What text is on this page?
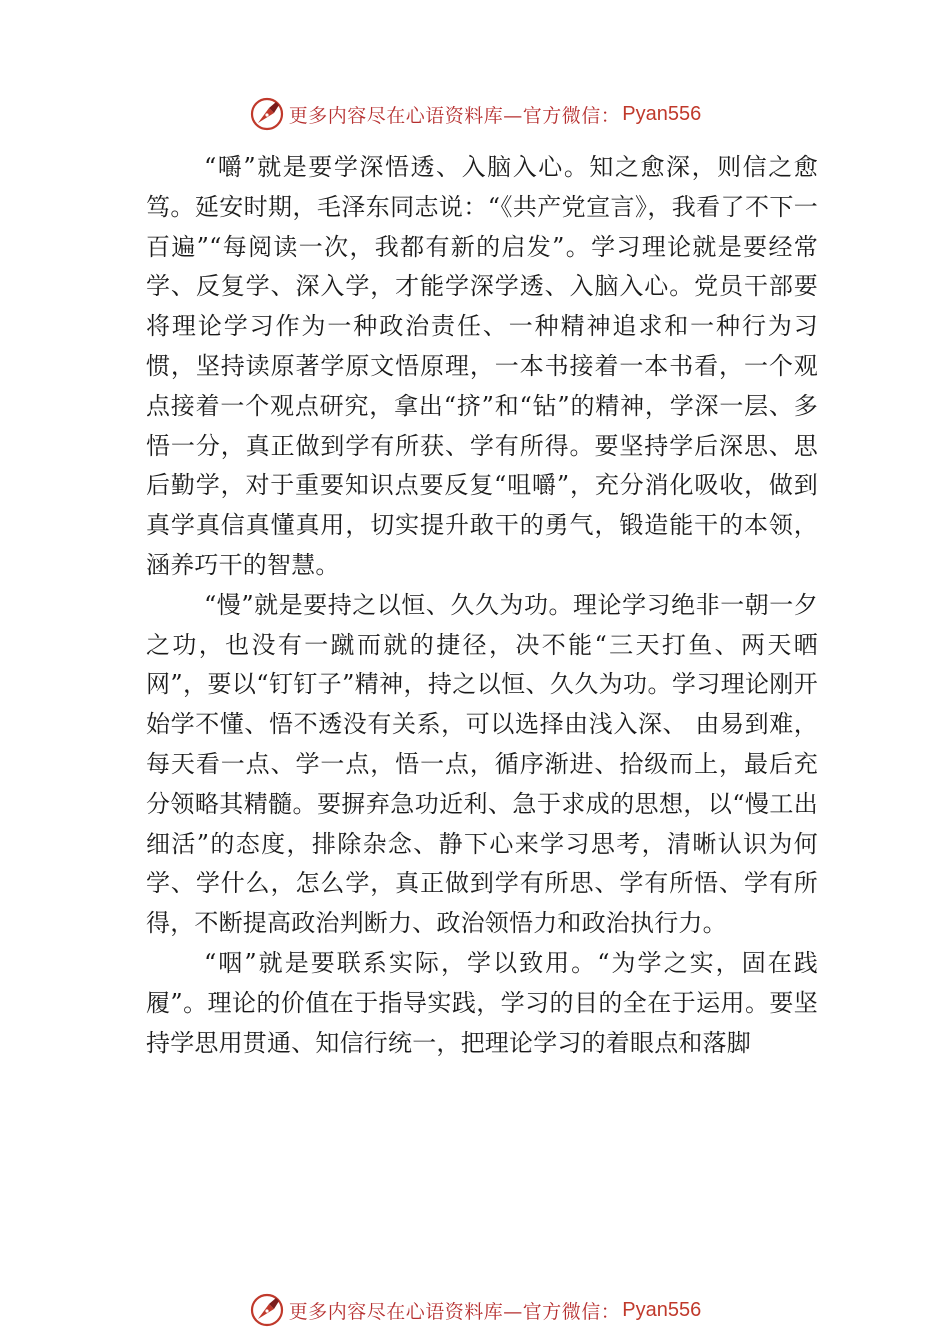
更多内容尽在心语资料库—官方微信： Pyan556

“嚼”就是要学深悟透、入脑入心。知之愈深，则信之愈笃。延安时期，毛泽东同志说：“《共产党宣言》，我看了不下一百遍”“每阅读一次，我都有新的启发”。学习理论就是要经常学、反复学、深入学，才能学深学透、入脑入心。党员干部要将理论学习作为一种政治责任、一种精神追求和一种行为习惯，坚持读原著学原文悟原理，一本书接着一本书看，一个观点接着一个观点研究，拿出“挤”和“钻”的精神，学深一层、多悟一分，真正做到学有所获、学有所得。要坚持学后深思、思后勤学，对于重要知识点要反复“咀嚼”，充分消化吸收，做到真学真信真懂真用，切实提升敢干的勇气，锻造能干的本领，涵养巧干的智慧。

“慢”就是要持之以恒、久久为功。理论学习绝非一朝一夕之功，也没有一蹴而就的捷径，决不能“三天打鱼、两天晒网”，要以“钉钉子”精神，持之以恒、久久为功。学习理论刚开始学不懂、悟不透没有关系，可以选择由浅入深、 由易到难，每天看一点、学一点，悟一点，循序渐进、拾级而上，最后充分领略其精髓。要摒弃急功近利、急于求成的思想，以“慢工出细活”的态度，排除杂念、静下心来学习思考，清晰认识为何学、学什么，怎么学，真正做到学有所思、学有所悟、学有所得，不断提高政治判断力、政治领悟力和政治执行力。

“咽”就是要联系实际，学以致用。“为学之实，固在践履”。理论的价值在于指导实践，学习的目的全在于运用。要坚持学思用贯通、知信行统一，把理论学习的着眼点和落脚

更多内容尽在心语资料库—官方微信： Pyan556
